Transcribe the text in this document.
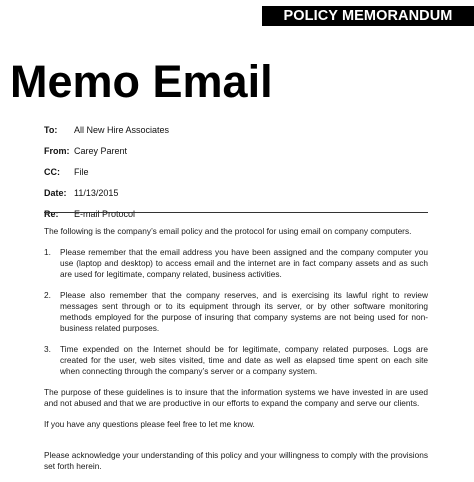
POLICY MEMORANDUM
Memo Email
To:	All New Hire Associates
From: Carey Parent
CC:	File
Date: 11/13/2015
Re:	E-mail Protocol

The following is the company’s email policy and the protocol for using email on company computers.

1.	Please remember that the email address you have been assigned and the company computer you use (laptop and desktop) to access email and the internet are in fact company assets and as such are used for legitimate, company related, business activities.
2.	Please also remember that the company reserves, and is exercising its lawful right to review messages sent through or to its equipment through its server, or by other software monitoring methods employed for the purpose of insuring that company systems are not being used for non-business related purposes.
3.	Time expended on the Internet should be for legitimate, company related purposes. Logs are created for the user, web sites visited, time and date as well as elapsed time spent on each site when connecting through the company’s server or a company system.

The purpose of these guidelines is to insure that the information systems we have invested in are used and not abused and that we are productive in our efforts to expand the company and serve our clients.

If you have any questions please feel free to let me know.

Please acknowledge your understanding of this policy and your willingness to comply with the provisions set forth herein.
